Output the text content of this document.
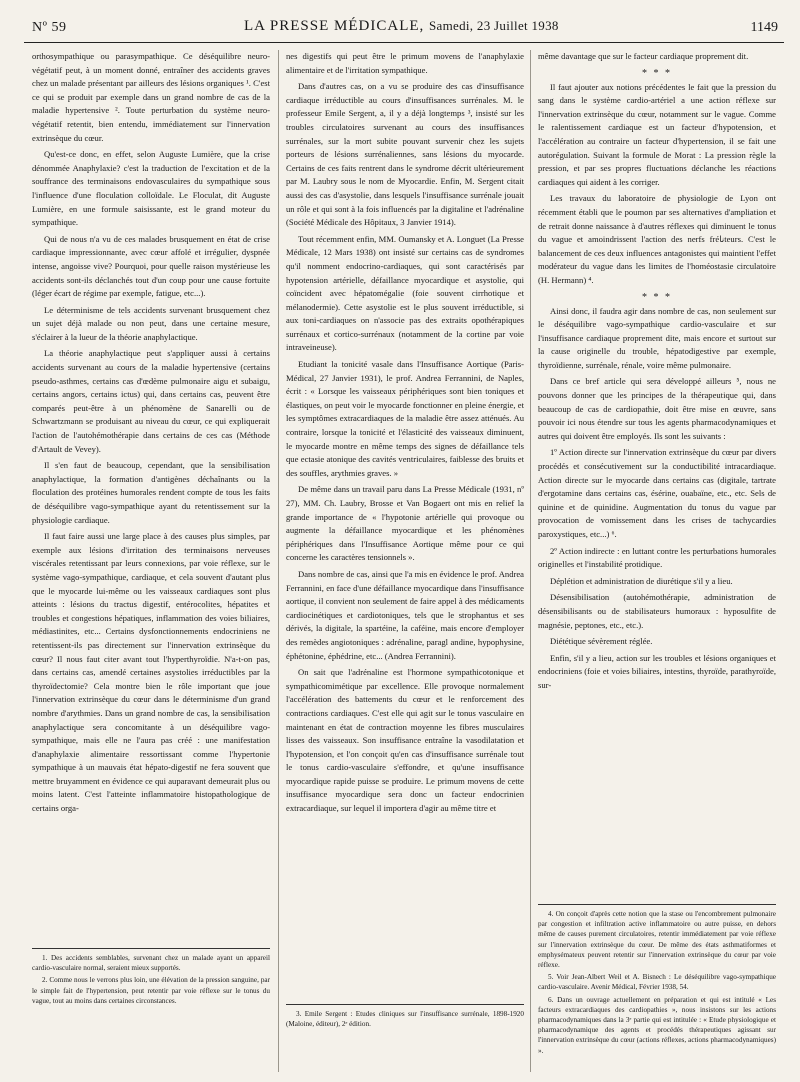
Nº 59	LA PRESSE MÉDICALE, Samedi, 23 Juillet 1938	1149

orthosympathique ou parasympathique. Ce déséquilibre neuro-végétatif peut, à un moment donné, entraîner des accidents graves chez un malade présentant par ailleurs des lésions organiques ¹. C'est ce qui se produit par exemple dans un grand nombre de cas de la maladie hypertensive ². Toute perturbation du système neuro-végétatif retentit, bien entendu, immédiatement sur l'innervation extrinsèque du cœur.

Qu'est-ce donc, en effet, selon Auguste Lumière, que la crise dénommée Anaphylaxie? c'est la traduction de l'excitation et de la souffrance des terminaisons endovasculaires du sympathique sous l'influence d'une floculation colloïdale. Le Floculat, dit Auguste Lumière, en une formule saisissante, est le grand moteur du sympathique.

Qui de nous n'a vu de ces malades brusquement en état de crise cardiaque impressionnante, avec cœur affolé et irrégulier, dyspnée intense, angoisse vive? Pourquoi, pour quelle raison mystérieuse les accidents sont-ils déclanchés tout d'un coup pour une cause fortuite (léger écart de régime par exemple, fatigue, etc...).

Le déterminisme de tels accidents survenant brusquement chez un sujet déjà malade ou non peut, dans une certaine mesure, s'éclairer à la lueur de la théorie anaphylactique.

La théorie anaphylactique peut s'appliquer aussi à certains accidents survenant au cours de la maladie hypertensive (certains pseudo-asthmes, certains cas d'œdème pulmonaire aigu et subaigu, certains angors, certains ictus) qui, dans certains cas, peuvent être comparés peut-être à un phénomène de Sanarelli ou de Schwartzmann se produisant au niveau du cœur, ce qui expliquerait l'action de l'autohémothérapie dans certains de ces cas (Méthode d'Artault de Vevey).

Il s'en faut de beaucoup, cependant, que la sensibilisation anaphylactique, la formation d'antigènes déchaînants ou la floculation des protéines humorales rendent compte de tous les faits de déséquilibre vago-sympathique ayant du retentissement sur la physiologie cardiaque.

Il faut faire aussi une large place à des causes plus simples, par exemple aux lésions d'irritation des terminaisons nerveuses viscérales retentissant par leurs connexions, par voie réflexe, sur le système vago-sympathique, cardiaque, et cela souvent d'autant plus que le myocarde lui-même ou les vaisseaux cardiaques sont plus atteints : lésions du tractus digestif, entérocolites, hépatites et troubles et congestions hépatiques, inflammation des voies biliaires, médiastinites, etc... Certains dysfonctionnements endocriniens ne retentissent-ils pas directement sur l'innervation extrinsèque du cœur? Il nous faut citer avant tout l'hyperthyroïdie. N'a-t-on pas, dans certains cas, amendé certaines asystolies irréductibles par la thyroïdectomie? Cela montre bien le rôle important que joue l'innervation extrinsèque du cœur dans le déterminisme d'un grand nombre d'arythmies. Dans un grand nombre de cas, la sensibilisation anaphylactique sera concomitante à un déséquilibre vago-sympathique, mais elle ne l'aura pas créé : une manifestation d'anaphylaxie alimentaire ressortissant comme l'hypertonie sympathique à un mauvais état hépato-digestif ne fera souvent que mettre bruyamment en évidence ce qui auparavant demeurait plus ou moins latent. C'est l'atteinte inflammatoire histopathologique de certains orga-

nes digestifs qui peut être le primum movens de l'anaphylaxie alimentaire et de l'irritation sympathique.

Dans d'autres cas, on a vu se produire des cas d'insuffisance cardiaque irréductible au cours d'insuffisances surrénales. M. le professeur Emile Sergent, a, il y a déjà longtemps ³, insisté sur les troubles circulatoires survenant au cours des insuffisances surrénales, sur la mort subite pouvant survenir chez les sujets porteurs de lésions surrénaliennes, sans lésions du myocarde. Certains de ces faits rentrent dans le syndrome décrit ultérieurement par M. Laubry sous le nom de Myocardie. Enfin, M. Sergent citait aussi des cas d'asystolie, dans lesquels l'insuffisance surrénale jouait un rôle et qui sont à la fois influencés par la digitaline et l'adrénaline (Société Médicale des Hôpitaux, 3 Janvier 1914).

Tout récemment enfin, MM. Oumansky et A. Longuet (La Presse Médicale, 12 Mars 1938) ont insisté sur certains cas de syndromes qu'il nomment endocrino-cardiaques, qui sont caractérisés par hypotension artérielle, défaillance myocardique et asystolie, qui coïncident avec hépatomégalie (foie souvent cirrhotique et mélanodermie). Cette asystolie est le plus souvent irréductible, si aux toni-cardiaques on n'associe pas des extraits opothérapiques surrénaux et cortico-surrénaux (notamment de la cortine par voie intraveineuse).

Etudiant la tonicité vasale dans l'Insuffisance Aortique (Paris-Médical, 27 Janvier 1931), le prof. Andrea Ferrannini, de Naples, écrit : « Lorsque les vaisseaux périphériques sont bien toniques et élastiques, on peut voir le myocarde fonctionner en pleine énergie, et les symptômes extracardiaques de la maladie être assez atténués. Au contraire, lorsque la tonicité et l'élasticité des vaisseaux diminuent, le myocarde montre en même temps des signes de défaillance tels que ectasie atonique des cavités ventriculaires, faiblesse des bruits et des souffles, arythmies graves. »

De même dans un travail paru dans La Presse Médicale (1931, nº 27), MM. Ch. Laubry, Brosse et Van Bogaert ont mis en relief la grande importance de « l'hypotonie artérielle qui provoque ou augmente la défaillance myocardique et les phénomènes périphériques dans l'Insuffisance Aortique même pour ce qui concerne les caractères tensionnels ».

Dans nombre de cas, ainsi que l'a mis en évidence le prof. Andrea Ferrannini, en face d'une défaillance myocardique dans l'insuffisance aortique, il convient non seulement de faire appel à des médicaments cardiocinétiques et cardiotoniques, tels que le strophantus et ses dérivés, la digitale, la spartéine, la caféine, mais encore d'employer des remèdes angiotoniques : adrénaline, paragl andine, hypophysine, éphétonine, éphédrine, etc... (Andrea Ferrannini).

On sait que l'adrénaline est l'hormone sympathicotonique et sympathicomimétique par excellence. Elle provoque normalement l'accélération des battements du cœur et le renforcement des contractions cardiaques. C'est elle qui agit sur le tonus vasculaire en maintenant en état de contraction moyenne les fibres musculaires lisses des vaisseaux. Son insuffisance entraîne la vasodilatation et l'hypotension, et l'on conçoit qu'en cas d'insuffisance surrénale tout le tonus cardio-vasculaire s'effondre, et qu'une insuffisance myocardique rapide puisse se produire. Le primum movens de cette insuffisance myocardique sera donc un facteur endocrinien extracardiaque, sur lequel il importera d'agir au même titre et

même davantage que sur le facteur cardiaque proprement dit.

* * *

Il faut ajouter aux notions précédentes le fait que la pression du sang dans le système cardio-artériel a une action réflexe sur l'innervation extrinsèque du cœur, notamment sur le vague. Comme le ralentissement cardiaque est un facteur d'hypotension, et l'accélération au contraire un facteur d'hypertension, il se fait une autorégulation. Suivant la formule de Morat : La pression règle la pression, et par ses propres fluctuations déclanche les réactions cardiaques qui aident à les corriger.

Les travaux du laboratoire de physiologie de Lyon ont récemment établi que le poumon par ses alternatives d'ampliation et de retrait donne naissance à d'autres réflexes qui diminuent le tonus du vague et amoindrissent l'action des nerfs fréناteurs. C'est le balancement de ces deux influences antagonistes qui maintient l'effet modérateur du vague dans les limites de l'homéostasie circulatoire (H. Hermann) ⁴.

* * *

Ainsi donc, il faudra agir dans nombre de cas, non seulement sur le déséquilibre vago-sympathique cardio-vasculaire et sur l'insuffisance cardiaque proprement dite, mais encore et surtout sur la cause originelle du trouble, hépatodigestive par exemple, thyroïdienne, surrénale, rénale, voire même pulmonaire.

Dans ce bref article qui sera développé ailleurs ⁵, nous ne pouvons donner que les principes de la thérapeutique qui, dans beaucoup de cas de cardiopathie, doit être mise en œuvre, sans pouvoir ici nous étendre sur tous les agents pharmacodynamiques et autres qui doivent être employés. Ils sont les suivants :

1º Action directe sur l'innervation extrinsèque du cœur par divers procédés et consécutivement sur la conductibilité intracardiaque. Action directe sur le myocarde dans certains cas (digitale, tartrate d'ergotamine dans certains cas, ésérine, ouabaïne, etc., etc. Sels de quinine et de quinidine. Augmentation du tonus du vague par provocation de vomissement dans les crises de tachycardies paroxystiques, etc...) ⁶.

2º Action indirecte : en luttant contre les perturbations humorales originelles et l'instabilité protidique.

Déplétion et administration de diurétique s'il y a lieu.

Désensibilisation (autohémothérapie, administration de désensibilisants ou de stabilisateurs humoraux : hyposulfite de magnésie, peptones, etc., etc.).

Diététique sévèrement réglée.

Enfin, s'il y a lieu, action sur les troubles et lésions organiques et endocriniens (foie et voies biliaires, intestins, thyroïde, parathyroïde, sur-

1. Des accidents semblables, survenant chez un malade ayant un appareil cardio-vasculaire normal, seraient mieux supportés.

2. Comme nous le verrons plus loin, une élévation de la pression sanguine, par le simple fait de l'hypertension, peut retentir par voie réflexe sur le tonus du vague, tout au moins dans certaines circonstances.

3. Emile Sergent : Etudes cliniques sur l'insuffisance surrénale, 1898-1920 (Maloine, éditeur), 2ᵉ édition.

4. On conçoit d'après cette notion que la stase ou l'encombrement pulmonaire par congestion et infiltration active inflammatoire ou autre puisse, en dehors même de causes purement circulatoires, retentir immédiatement par voie réflexe sur l'innervation extrinsèque du cœur. De même des états asthmatiformes et emphysémateux peuvent retentir sur l'innervation extrinsèque du cœur par voie réflexe.

5. Voir Jean-Albert Weil et A. Bisnech : Le déséquilibre vago-sympathique cardio-vasculaire. Avenir Médical, Février 1938, 54.

6. Dans un ouvrage actuellement en préparation et qui est intitulé « Les facteurs extracardiaques des cardiopathies », nous insistons sur les actions pharmacodynamiques dans la 3ᵉ partie qui est intitulée : « Etude physiologique et pharmacodynamique des agents et procédés thérapeutiques agissant sur l'innervation extrinsèque du cœur (actions réflexes, actions pharmacodynamiques) ».
